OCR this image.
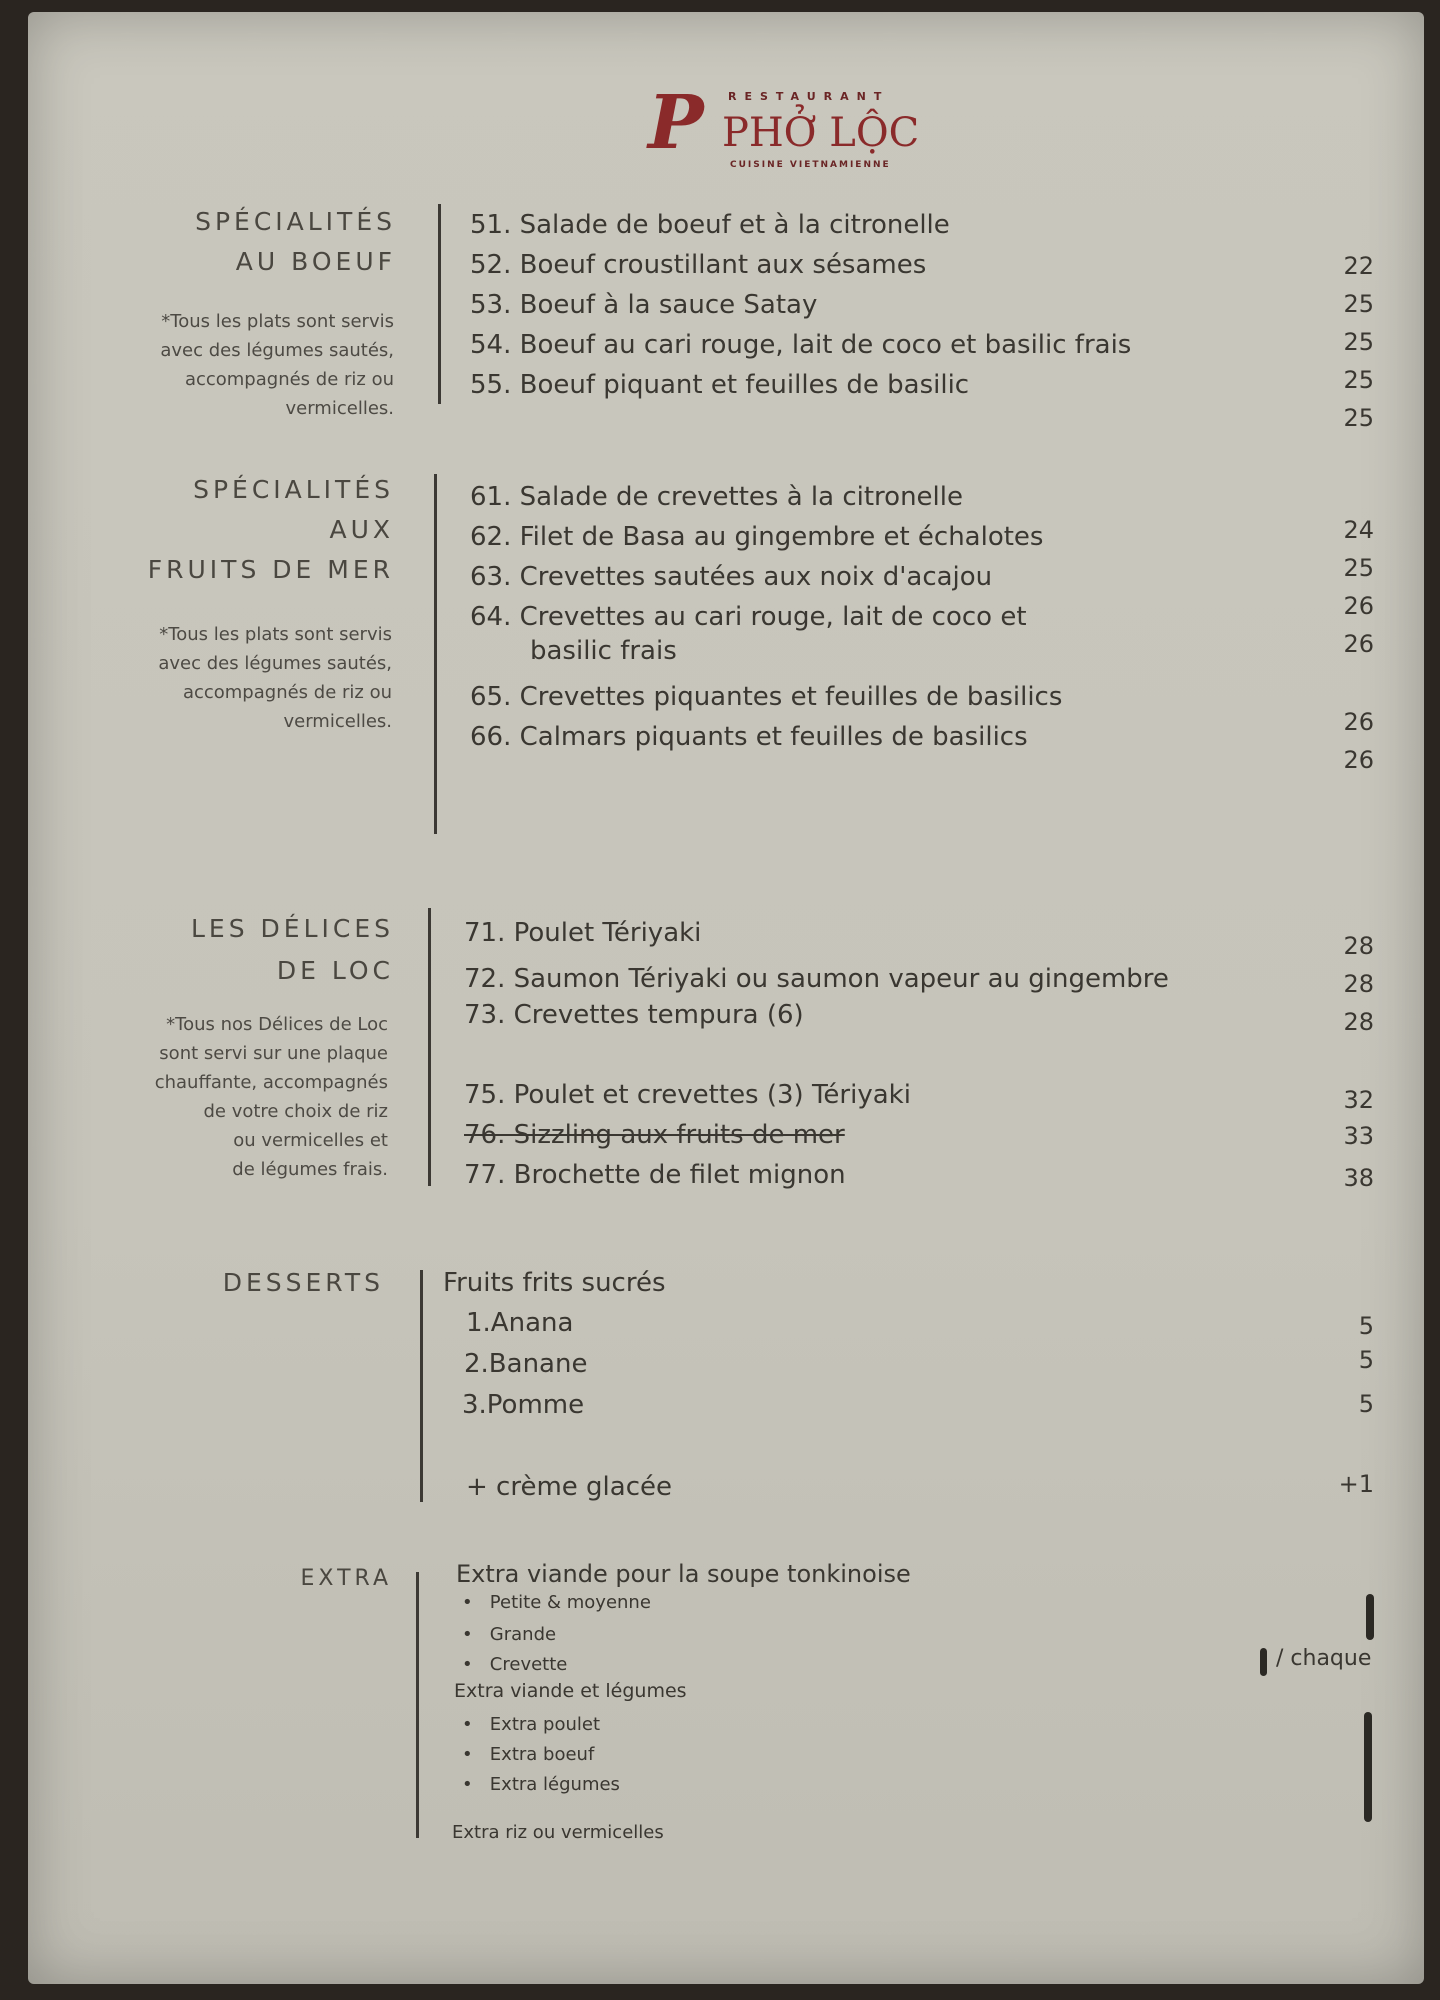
P RESTAURANT
PHỞ LỘC
CUISINE VIETNAMIENNE
SPÉCIALITÉS
AU BOEUF
*Tous les plats sont servis
avec des légumes sautés,
accompagnés de riz ou
vermicelles.
51. Salade de boeuf et à la citronelle
52. Boeuf croustillant aux sésames
53. Boeuf à la sauce Satay
54. Boeuf au cari rouge, lait de coco et basilic frais
55. Boeuf piquant et feuilles de basilic
22
25
25
25
25
SPÉCIALITÉS
AUX
FRUITS DE MER
*Tous les plats sont servis
avec des légumes sautés,
accompagnés de riz ou
vermicelles.
61. Salade de crevettes à la citronelle
62. Filet de Basa au gingembre et échalotes
63. Crevettes sautées aux noix d'acajou
64. Crevettes au cari rouge, lait de coco et
basilic frais
65. Crevettes piquantes et feuilles de basilics
66. Calmars piquants et feuilles de basilics
24
25
26
26
26
26
LES DÉLICES
DE LOC
*Tous nos Délices de Loc
sont servi sur une plaque
chauffante, accompagnés
de votre choix de riz
ou vermicelles et
de légumes frais.
71. Poulet Tériyaki
72. Saumon Tériyaki ou saumon vapeur au gingembre
73. Crevettes tempura (6)
75. Poulet et crevettes (3) Tériyaki
76. Sizzling aux fruits de mer
77. Brochette de filet mignon
28
28
28
32
33
38
DESSERTS Fruits frits sucrés
1.Anana
2.Banane
3.Pomme
+ crème glacée
5
5
5
+1
EXTRA	Extra viande pour la soupe tonkinoise
•   Petite & moyenne
•   Grande
•   Crevette
Extra viande et légumes
•   Extra poulet
•   Extra boeuf
•   Extra légumes
Extra riz ou vermicelles
/ chaque
